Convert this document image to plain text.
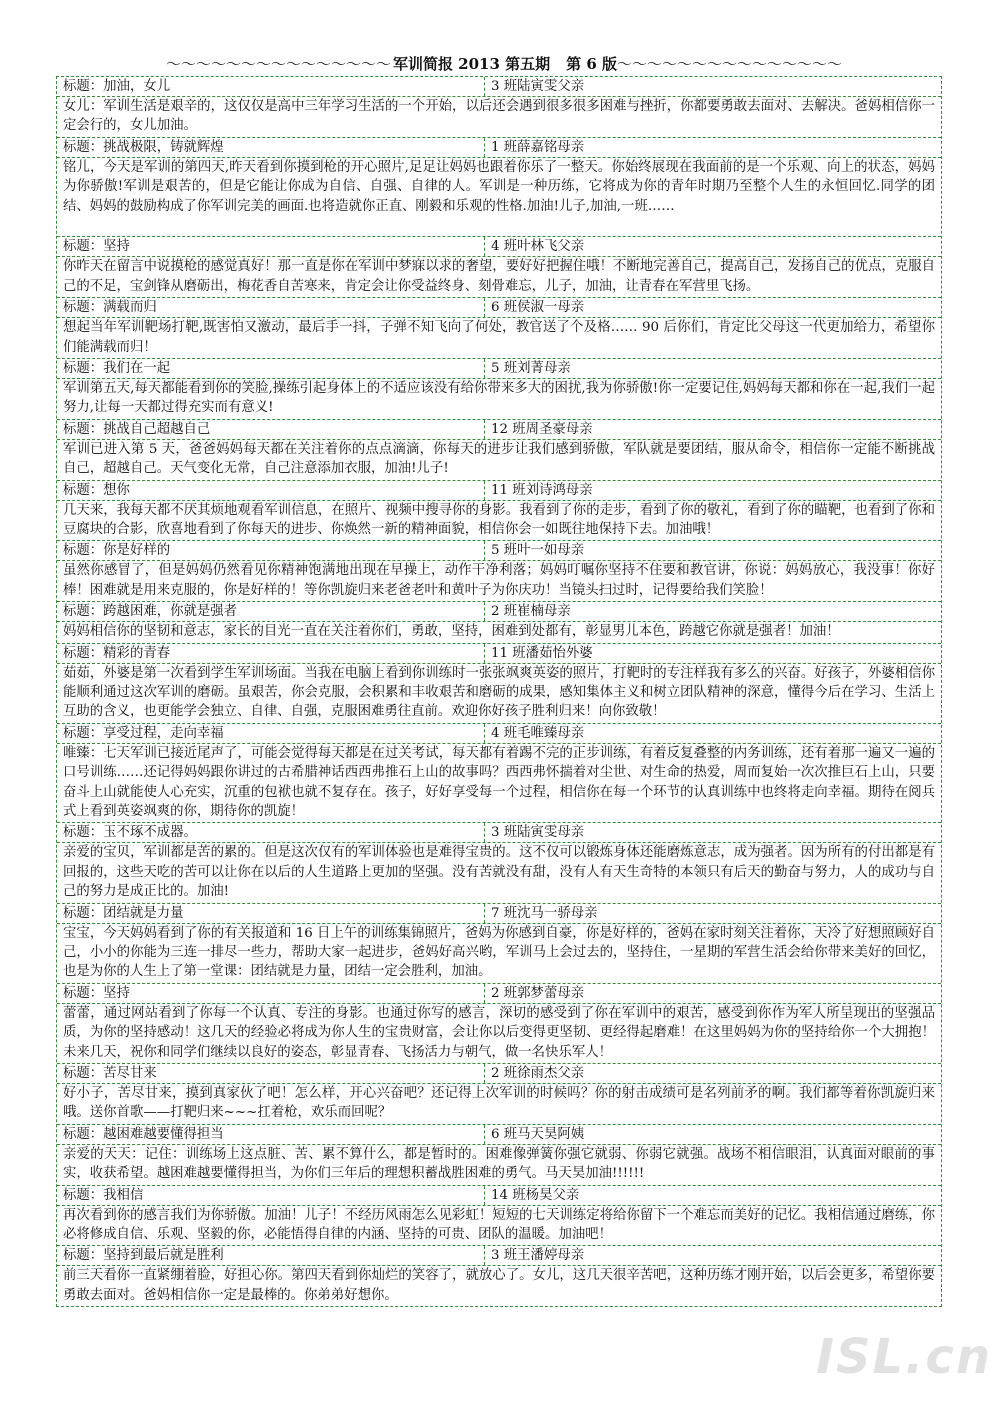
～～～～～～～～～～～～～～～ 军训简报 2013 第五期 第 6 版 ～～～～～～～～～～～～～～～
标题：加油，女儿	3 班陆寅雯父亲
女儿：军训生活是艰辛的，这仅仅是高中三年学习生活的一个开始，以后还会遇到很多很多困难与挫折，你都要勇敢去面对、去解决。爸妈相信你一定会行的，女儿加油。
标题：挑战极限，铸就辉煌	1 班薛嘉铭母亲
铭儿，今天是军训的第四天,昨天看到你摸到枪的开心照片,足足让妈妈也跟着你乐了一整天。你始终展现在我面前的是一个乐观、向上的状态，妈妈为你骄傲!军训是艰苦的，但是它能让你成为自信、自强、自律的人。军训是一种历练，它将成为你的青年时期乃至整个人生的永恒回忆.同学的团结、妈妈的鼓励构成了你军训完美的画面.也将造就你正直、刚毅和乐观的性格.加油!儿子,加油,一班……
标题：坚持	4 班叶林飞父亲
你昨天在留言中说摸枪的感觉真好！那一直是你在军训中梦寐以求的奢望，要好好把握住哦！不断地完善自己，提高自己，发扬自己的优点，克服自己的不足，宝剑锋从磨砺出，梅花香自苦寒来，肯定会让你受益终身、刻骨难忘，儿子，加油，让青春在军营里飞扬。
标题：满载而归	6 班侯淑一母亲
想起当年军训靶场打靶,既害怕又激动，最后手一抖，子弹不知飞向了何处，教官送了个及格…… 90 后你们，肯定比父母这一代更加给力，希望你们能满载而归！
标题：我们在一起	5 班刘菁母亲
军训第五天,每天都能看到你的笑脸,操练引起身体上的不适应该没有给你带来多大的困扰,我为你骄傲!你一定要记住,妈妈每天都和你在一起,我们一起努力,让每一天都过得充实而有意义!
标题：挑战自己超越自己	12 班周圣豪母亲
军训已进入第 5 天，爸爸妈妈每天都在关注着你的点点滴滴，你每天的进步让我们感到骄傲，军队就是要团结，服从命令，相信你一定能不断挑战自己，超越自己。天气变化无常，自己注意添加衣服，加油!儿子!
标题：想你	11 班刘诗鸿母亲
几天来，我每天都不厌其烦地观看军训信息，在照片、视频中搜寻你的身影。我看到了你的走步，看到了你的敬礼，看到了你的瞄靶，也看到了你和豆腐块的合影，欣喜地看到了你每天的进步、你焕然一新的精神面貌，相信你会一如既往地保持下去。加油哦！
标题：你是好样的	5 班叶一如母亲
虽然你感冒了，但是妈妈仍然看见你精神饱满地出现在早操上，动作干净利落；妈妈叮嘱你坚持不住要和教官讲，你说：妈妈放心，我没事！你好棒！困难就是用来克服的，你是好样的！等你凯旋归来老爸老叶和黄叶子为你庆功！当镜头扫过时，记得要给我们笑脸！
标题：跨越困难，你就是强者	2 班崔楠母亲
妈妈相信你的坚韧和意志，家长的目光一直在关注着你们，勇敢，坚持，困难到处都有，彰显男儿本色，跨越它你就是强者！加油！
标题：精彩的青春	11 班潘茹怡外婆
茹茹，外婆是第一次看到学生军训场面。当我在电脑上看到你训练时一张张飒爽英姿的照片，打靶时的专注样我有多么的兴奋。好孩子，外婆相信你能顺利通过这次军训的磨砺。虽艰苦，你会克服，会积累和丰收艰苦和磨砺的成果，感知集体主义和树立团队精神的深意，懂得今后在学习、生活上互助的含义，也更能学会独立、自律、自强，克服困难勇往直前。欢迎你好孩子胜利归来！向你致敬！
标题：享受过程，走向幸福	4 班毛唯臻母亲
唯臻：七天军训已接近尾声了，可能会觉得每天都是在过关考试，每天都有着踢不完的正步训练，有着反复叠整的内务训练，还有着那一遍又一遍的口号训练……还记得妈妈跟你讲过的古希腊神话西西弗推石上山的故事吗？西西弗怀揣着对尘世、对生命的热爱，周而复始一次次推巨石上山，只要奋斗上山就能使人心充实，沉重的包袱也就不复存在。孩子，好好享受每一个过程，相信你在每一个环节的认真训练中也终将走向幸福。期待在阅兵式上看到英姿飒爽的你，期待你的凯旋！
标题：玉不琢不成器。	3 班陆寅雯母亲
亲爱的宝贝，军训都是苦的累的。但是这次仅有的军训体验也是难得宝贵的。这不仅可以锻炼身体还能磨炼意志，成为强者。因为所有的付出都是有回报的，这些天吃的苦可以让你在以后的人生道路上更加的坚强。没有苦就没有甜，没有人有天生奇特的本领只有后天的勤奋与努力，人的成功与自己的努力是成正比的。加油!
标题：团结就是力量	7 班沈马一骄母亲
宝宝，今天妈妈看到了你的有关报道和 16 日上午的训练集锦照片，爸妈为你感到自豪，你是好样的，爸妈在家时刻关注着你，天冷了好想照顾好自己，小小的你能为三连一排尽一些力，帮助大家一起进步，爸妈好高兴哟，军训马上会过去的，坚持住，一星期的军营生活会给你带来美好的回忆，也是为你的人生上了第一堂课：团结就是力量，团结一定会胜利，加油。
标题：坚持	2 班郭梦蕾母亲
蕾蕾，通过网站看到了你每一个认真、专注的身影。也通过你写的感言，深切的感受到了你在军训中的艰苦，感受到你作为军人所呈现出的坚强品质，为你的坚持感动！这几天的经验必将成为你人生的宝贵财富，会让你以后变得更坚韧、更经得起磨难！在这里妈妈为你的坚持给你一个大拥抱！未来几天，祝你和同学们继续以良好的姿态，彰显青春、飞扬活力与朝气，做一名快乐军人！
标题：苦尽甘来	2 班徐雨杰父亲
好小子，苦尽甘来，摸到真家伙了吧！怎么样，开心兴奋吧？还记得上次军训的时候吗？你的射击成绩可是名列前矛的啊。我们都等着你凯旋归来哦。送你首歌——打靶归来~~~扛着枪，欢乐而回呢？
标题：越困难越要懂得担当	6 班马天昊阿姨
亲爱的天天：记住：训练场上这点脏、苦、累不算什么，都是暂时的。困难像弹簧你强它就弱、你弱它就强。战场不相信眼泪，认真面对眼前的事实，收获希望。越困难越要懂得担当，为你们三年后的理想积蓄战胜困难的勇气。马天昊加油!!!!!!
标题：我相信	14 班杨昊父亲
再次看到你的感言我们为你骄傲。加油！儿子！不经历风雨怎么见彩虹！短短的七天训练定将给你留下一个难忘而美好的记忆。我相信通过磨练，你必将修成自信、乐观、坚毅的你，必能悟得自律的内涵、坚持的可贵、团队的温暖。加油吧！
标题：坚持到最后就是胜利	3 班王潘婷母亲
前三天看你一直紧绷着脸，好担心你。第四天看到你灿烂的笑容了，就放心了。女儿，这几天很辛苦吧，这种历练才刚开始，以后会更多，希望你要勇敢去面对。爸妈相信你一定是最棒的。你弟弟好想你。
ISL.cn
